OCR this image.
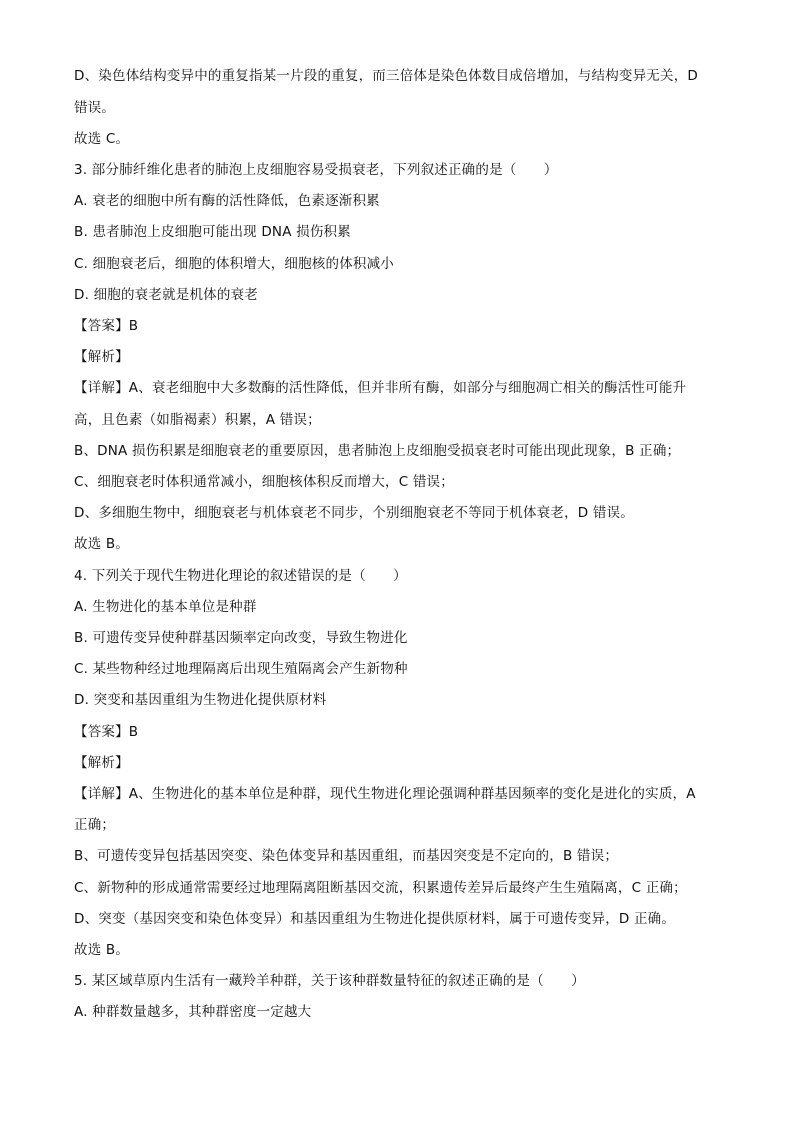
D、染色体结构变异中的重复指某一片段的重复，而三倍体是染色体数目成倍增加，与结构变异无关，D
错误。
故选 C。
3. 部分肺纤维化患者的肺泡上皮细胞容易受损衰老，下列叙述正确的是（　　）
A. 衰老的细胞中所有酶的活性降低，色素逐渐积累
B. 患者肺泡上皮细胞可能出现 DNA 损伤积累
C. 细胞衰老后，细胞的体积增大，细胞核的体积减小
D. 细胞的衰老就是机体的衰老
【答案】B
【解析】
【详解】A、衰老细胞中大多数酶的活性降低，但并非所有酶，如部分与细胞凋亡相关的酶活性可能升
高，且色素（如脂褐素）积累，A 错误；
B、DNA 损伤积累是细胞衰老的重要原因，患者肺泡上皮细胞受损衰老时可能出现此现象，B 正确；
C、细胞衰老时体积通常减小，细胞核体积反而增大，C 错误；
D、多细胞生物中，细胞衰老与机体衰老不同步，个别细胞衰老不等同于机体衰老，D 错误。
故选 B。
4. 下列关于现代生物进化理论的叙述错误的是（　　）
A. 生物进化的基本单位是种群
B. 可遗传变异使种群基因频率定向改变，导致生物进化
C. 某些物种经过地理隔离后出现生殖隔离会产生新物种
D. 突变和基因重组为生物进化提供原材料
【答案】B
【解析】
【详解】A、生物进化的基本单位是种群，现代生物进化理论强调种群基因频率的变化是进化的实质，A
正确；
B、可遗传变异包括基因突变、染色体变异和基因重组，而基因突变是不定向的，B 错误；
C、新物种的形成通常需要经过地理隔离阻断基因交流，积累遗传差异后最终产生生殖隔离，C 正确；
D、突变（基因突变和染色体变异）和基因重组为生物进化提供原材料，属于可遗传变异，D 正确。
故选 B。
5. 某区域草原内生活有一藏羚羊种群，关于该种群数量特征的叙述正确的是（　　）
A. 种群数量越多，其种群密度一定越大
